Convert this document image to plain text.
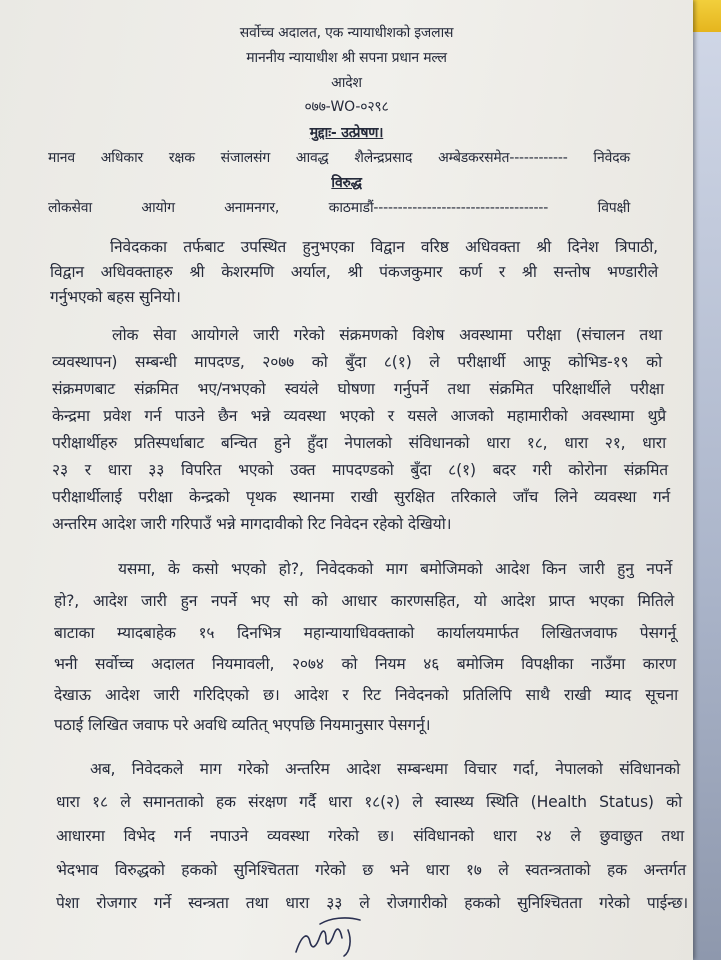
सर्वोच्च अदालत, एक न्यायाधीशको इजलास
माननीय न्यायाधीश श्री सपना प्रधान मल्ल
आदेश
०७७-WO-०२९८
मुद्दाः- उत्प्रेषण।
मानव अधिकार रक्षक संजालसंग आवद्ध शैलेन्द्रप्रसाद अम्बेडकरसमेत------------ निवेदक
विरुद्ध
लोकसेवा आयोग अनामनगर, काठमाडौं------------------------------------ विपक्षी
निवेदकका तर्फबाट उपस्थित हुनुभएका विद्वान वरिष्ठ अधिवक्ता श्री दिनेश त्रिपाठी,
विद्वान अधिवक्ताहरु श्री केशरमणि अर्याल, श्री पंकजकुमार कर्ण र श्री सन्तोष भण्डारीले
गर्नुभएको बहस सुनियो।
लोक सेवा आयोगले जारी गरेको संक्रमणको विशेष अवस्थामा परीक्षा (संचालन तथा
व्यवस्थापन) सम्बन्धी मापदण्ड, २०७७ को बुँदा ८(१) ले परीक्षार्थी आफू कोभिड-१९ को
संक्रमणबाट संक्रमित भए/नभएको स्वयंले घोषणा गर्नुपर्ने तथा संक्रमित परिक्षार्थीले परीक्षा
केन्द्रमा प्रवेश गर्न पाउने छैन भन्ने व्यवस्था भएको र यसले आजको महामारीको अवस्थामा थुप्रै
परीक्षार्थीहरु प्रतिस्पर्धाबाट बन्चित हुने हुँदा नेपालको संविधानको धारा १८, धारा २१, धारा
२३ र धारा ३३ विपरित भएको उक्त मापदण्डको बुँदा ८(१) बदर गरी कोरोना संक्रमित
परीक्षार्थीलाई परीक्षा केन्द्रको पृथक स्थानमा राखी सुरक्षित तरिकाले जाँच लिने व्यवस्था गर्न
अन्तरिम आदेश जारी गरिपाउँ भन्ने मागदावीको रिट निवेदन रहेको देखियो।
यसमा, के कसो भएको हो?, निवेदकको माग बमोजिमको आदेश किन जारी हुनु नपर्ने
हो?, आदेश जारी हुन नपर्ने भए सो को आधार कारणसहित, यो आदेश प्राप्त भएका मितिले
बाटाका म्यादबाहेक १५ दिनभित्र महान्यायाधिवक्ताको कार्यालयमार्फत लिखितजवाफ पेसगर्नू
भनी सर्वोच्च अदालत नियमावली, २०७४ को नियम ४६ बमोजिम विपक्षीका नाउँमा कारण
देखाऊ आदेश जारी गरिदिएको छ। आदेश र रिट निवेदनको प्रतिलिपि साथै राखी म्याद सूचना
पठाई लिखित जवाफ परे अवधि व्यतित् भएपछि नियमानुसार पेसगर्नू।
अब, निवेदकले माग गरेको अन्तरिम आदेश सम्बन्धमा विचार गर्दा, नेपालको संविधानको
धारा १८ ले समानताको हक संरक्षण गर्दै धारा १८(२) ले स्वास्थ्य स्थिति (Health Status) को
आधारमा विभेद गर्न नपाउने व्यवस्था गरेको छ। संविधानको धारा २४ ले छुवाछुत तथा
भेदभाव विरुद्धको हकको सुनिश्चितता गरेको छ भने धारा १७ ले स्वतन्त्रताको हक अन्तर्गत
पेशा रोजगार गर्ने स्वन्त्रता तथा धारा ३३ ले रोजगारीको हकको सुनिश्चितता गरेको पाईन्छ।
